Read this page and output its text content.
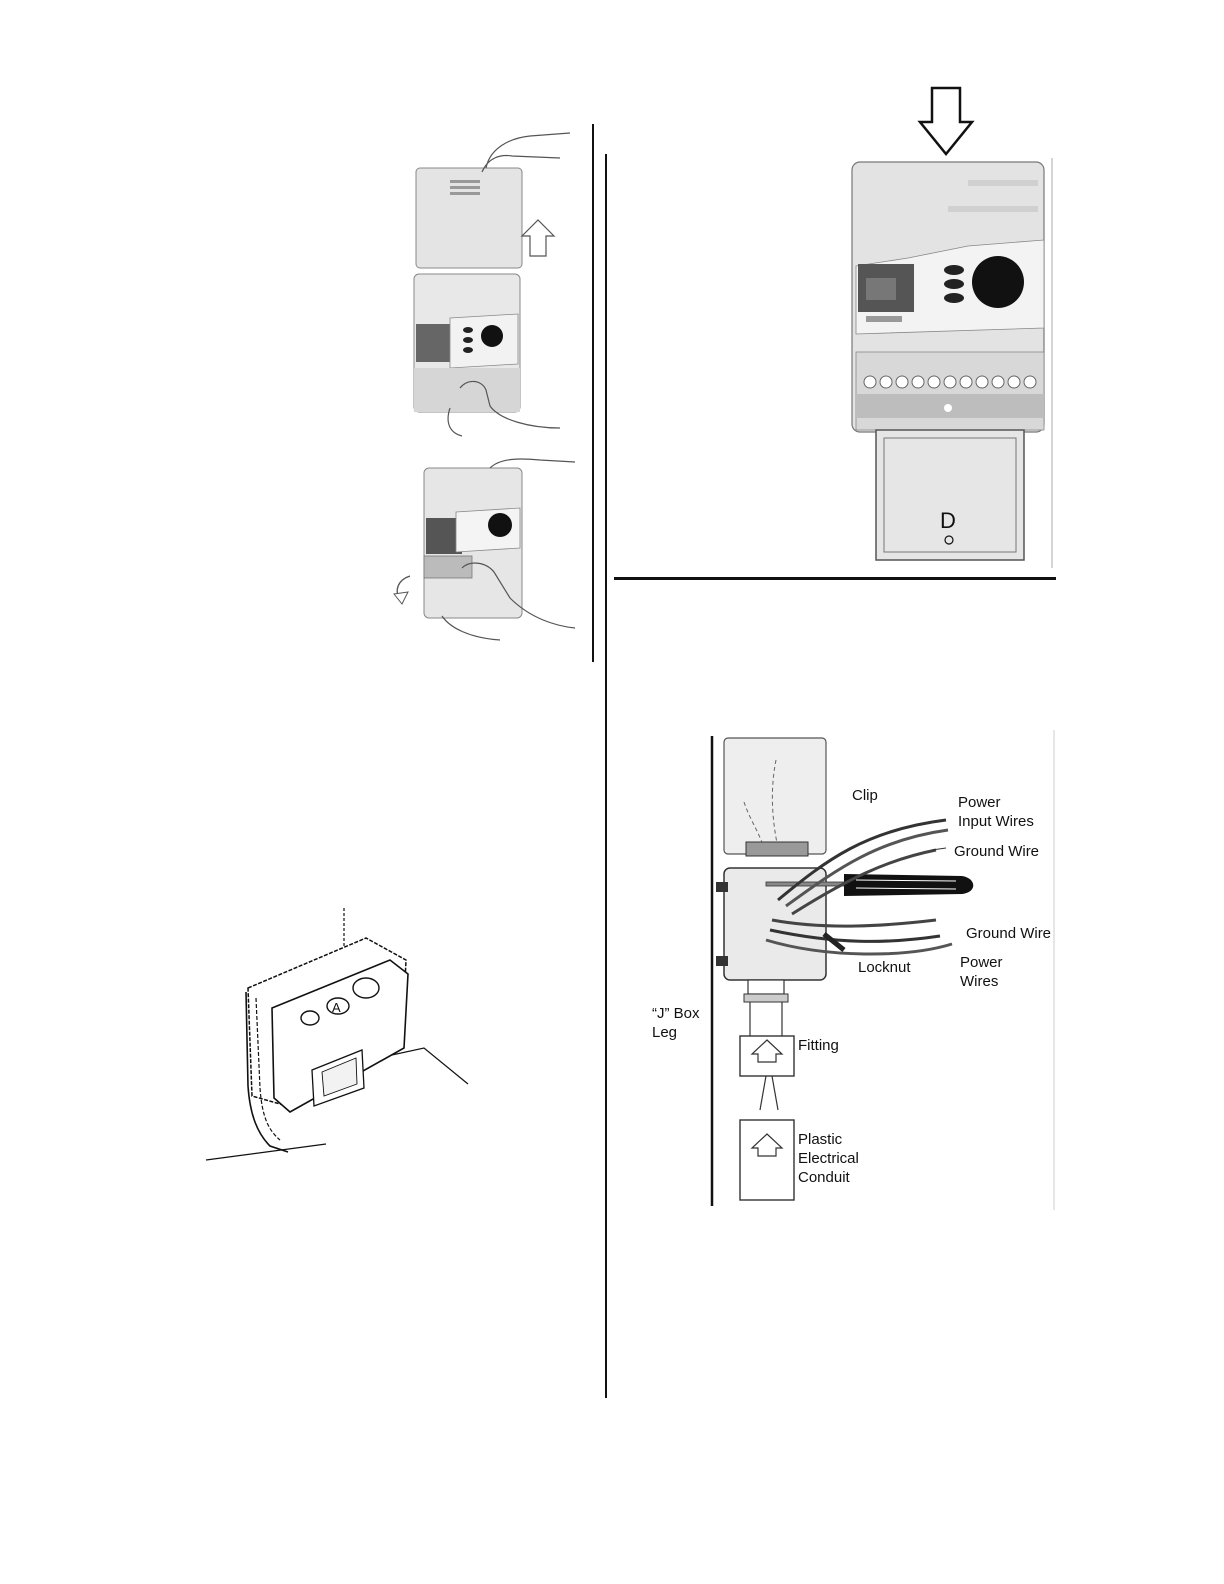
D
A
Clip	Power
Input Wires
Ground Wire
Ground Wire
Power
Wires
Locknut
“J” Box
Leg
Fitting
Plastic
Electrical
Conduit
